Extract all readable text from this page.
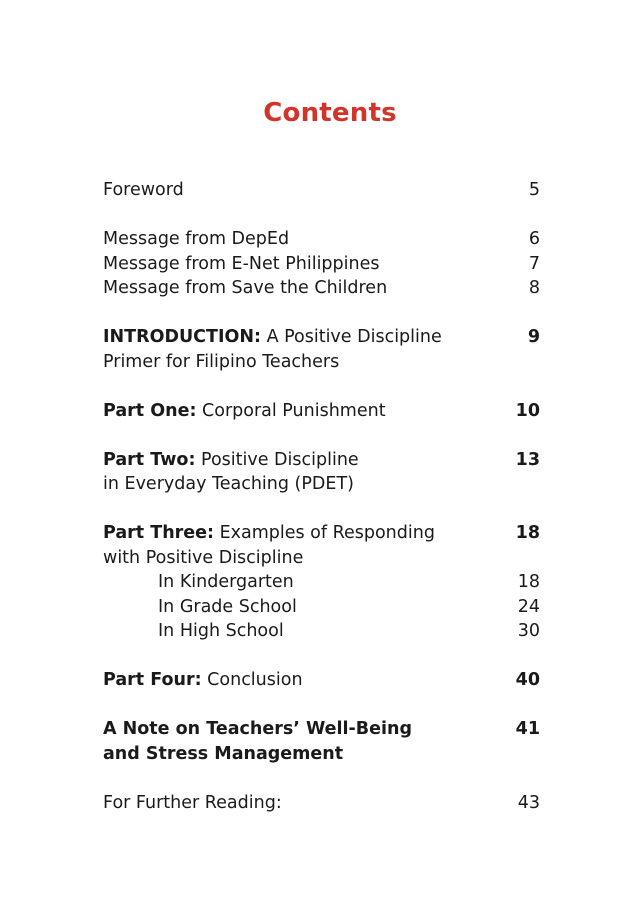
Contents
Foreword	5
Message from DepEd	6
Message from E-Net Philippines	7
Message from Save the Children	8
INTRODUCTION: A Positive Discipline	9
Primer for Filipino Teachers
Part One: Corporal Punishment	10
Part Two: Positive Discipline	13
in Everyday Teaching (PDET)
Part Three: Examples of Responding	18
with Positive Discipline
In Kindergarten	18
In Grade School	24
In High School	30
Part Four: Conclusion	40
A Note on Teachers’ Well-Being	41
and Stress Management
For Further Reading:	43
